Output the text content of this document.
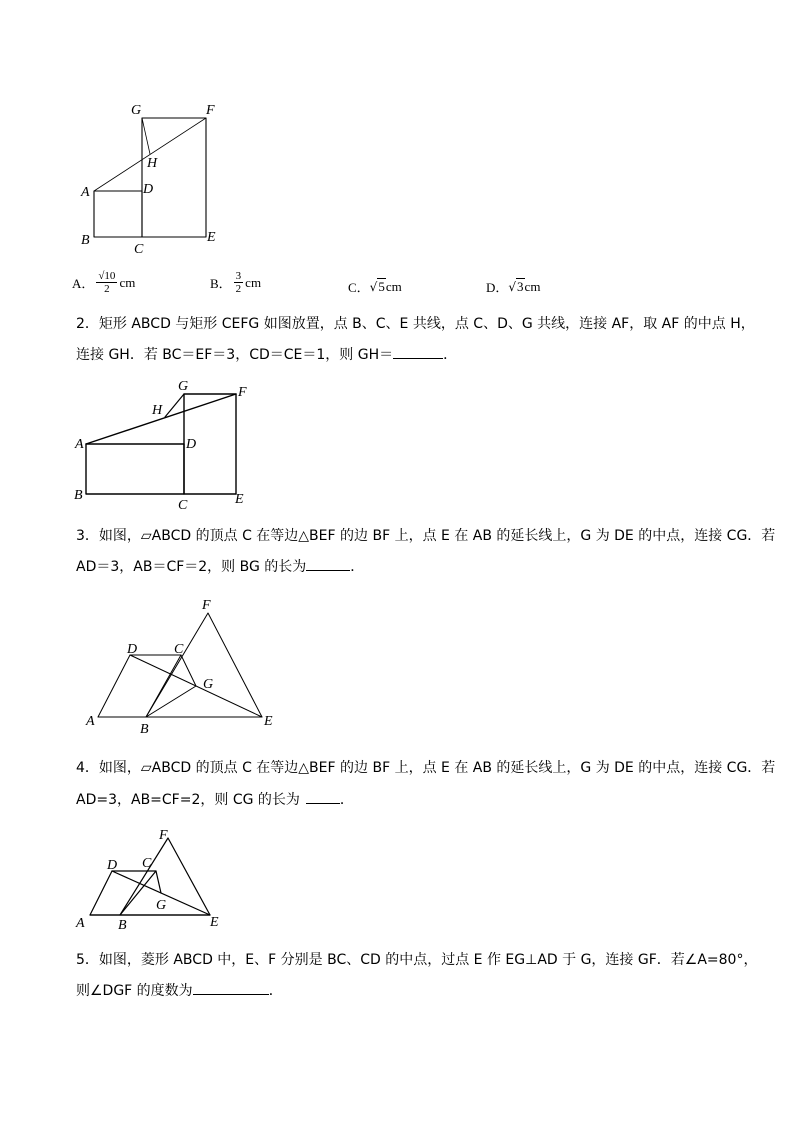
G	F
H
A	D
B
C
E
A． $\frac{√10}{2}$ cm	B． $\frac{3}{2}$ cm	C． √5 cm	D． √3 cm
2．矩形 ABCD 与矩形 CEFG 如图放置，点 B、C、E 共线，点 C、D、G 共线，连接 AF，取 AF 的中点 H，
连接 GH．若 BC＝EF＝3，CD＝CE＝1，则 GH＝	．
G	F
H
A	D
B
C	E
3．如图，▱ABCD 的顶点 C 在等边△BEF 的边 BF 上，点 E 在 AB 的延长线上，G 为 DE 的中点，连接 CG．若
AD＝3，AB＝CF＝2，则 BG 的长为	．
F
D	C
G
A
B
E
4．如图，▱ABCD 的顶点 C 在等边△BEF 的边 BF 上，点 E 在 AB 的延长线上，G 为 DE 的中点，连接 CG．若
AD=3，AB=CF=2，则 CG 的长为	．
F
D C
G
A B	E
5．如图，菱形 ABCD 中，E、F 分别是 BC、CD 的中点，过点 E 作 EG⊥AD 于 G，连接 GF．若∠A=80°，
则∠DGF 的度数为	．
